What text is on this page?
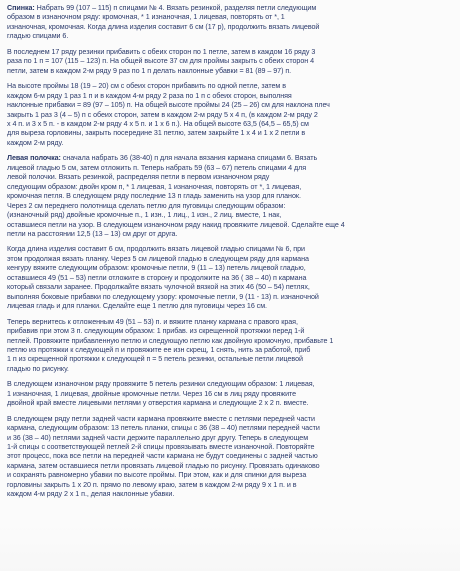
Спинка: Набрать 99 (107 – 115) п спицами № 4. Вязать резинкой, разделяя петли следующим
образом в изнаночном ряду: кромочная, * 1 изнаночная, 1 лицевая, повторять от *, 1
изнаночная, кромочная. Когда длина изделия составит 6 см (17 р), продолжить вязать лицевой
гладью спицами 6.

В последнем 17 ряду резинки прибавить с обеих сторон по 1 петле, затем в каждом 16 ряду 3
раза по 1 п = 107 (115 – 123) п. На общей высоте 37 см для проймы закрыть с обеих сторон 4
петли, затем в каждом 2-м ряду 9 раз по 1 п делать наклонные убавки = 81 (89 – 97) п.

На высоте проймы 18 (19 – 20) см с обеих сторон прибавить по одной петле, затем в
каждом 6-м ряду 1 раз 1 п и в каждом 4-м ряду 2 раза по 1 п с обеих сторон, выполняя
наклонные прибавки = 89 (97 – 105) п. На общей высоте проймы 24 (25 – 26) см для наклона плеч
закрыть 1 раз 3 (4 – 5) п с обеих сторон, затем в каждом 2-м ряду 5 х 4 п, (в каждом 2-м ряду 2
х 4 п. и 3 х 5 п. - в каждом 2-м ряду 4 х 5 п. и 1 х 6 п.). На общей высоте 63,5 (64,5 – 65,5) см
для выреза горловины, закрыть посередине 31 петлю, затем закрыйте 1 х 4 и 1 х 2 петли в
каждом 2-м ряду.

Левая полочка: сначала набрать 36 (38-40) п для начала вязания кармана спицами 6. Вязать
лицевой гладью 5 см, затем отложить п. Теперь набрать 59 (63 – 67) петель спицами 4 для
левой полочки. Вязать резинкой, распределяя петли в первом изнаночном ряду
следующим образом: двойн кром п, * 1 лицевая, 1 изнаночная, повторять от *, 1 лицевая,
кромочная петля. В следующем ряду последние 13 п гладь заменить на узор для планок.
Через 2 см переднего полотнища сделать петлю для пуговицы следующим образом:
(изнаночный ряд) двойные кромочные п., 1 изн., 1 лиц., 1 изн., 2 лиц. вместе, 1 нак,
оставшиеся петли на узор. В следующем изнаночном ряду накид провяжите лицевой. Сделайте еще 4
петли на расстоянии 12,5 (13 – 13) см друг от друга.

Когда длина изделия составит 6 см, продолжить вязать лицевой гладью спицами № 6, при
этом продолжая вязать планку. Через 5 см лицевой гладью в следующем ряду для кармана
кенгуру вяжите следующим образом: кромочные петли, 9 (11 – 13) петель лицевой гладью,
оставшиеся 49 (51 – 53) петли отложите в сторону и продолжите на 36 ( 38 – 40) п кармана
который связали заранее. Продолжайте вязать чулочной вязкой на этих 46 (50 – 54) петлях,
выполняя боковые прибавки по следующему узору: кромочные петли, 9 (11 - 13) п. изнаночной
лицевая гладь и для планки. Сделайте еще 1 петлю для пуговицы через 16 см.

Теперь вернитесь к отложенным 49 (51 – 53) п. и вяжите планку кармана с правого края,
прибавив при этом 3 п. следующим образом: 1 прибав. из скрещенной протяжки перед 1-й
петлей. Провяжите прибавленную петлю и следующую петлю как двойную кромочную, прибавьте 1
петлю из протяжки к следующей п и провяжите ее изн скрещ, 1 снять, нить за работой, приб
1 п из скрещенной протяжки к следующей п = 5 петель резинки, остальные петли лицевой
гладью по рисунку.

В следующем изнаночном ряду провяжите 5 петель резинки следующим образом: 1 лицевая,
1 изнаночная, 1 лицевая, двойные кромочные петли. Через 16 см в лиц ряду провяжите
двойной край вместе лицевыми петлями у отверстия кармана и следующие 2 х 2 п. вместе.

В следующем ряду петли задней части кармана провяжите вместе с петлями передней части
кармана, следующим образом: 13 петель планки, спицы с 36 (38 – 40) петлями передней части
и 36 (38 – 40) петлями задней части держите параллельно друг другу. Теперь в следующем
1-й спицы с соответствующей петлей 2-й спицы провязывать вместе изнаночной. Повторяйте
этот процесс, пока все петли на передней части кармана не будут соединены с задней частью
кармана, затем оставшиеся петли провязать лицевой гладью по рисунку. Провязать одинаково
и сохранять равномерно убавки по высоте проймы. При этом, как и для спинки для выреза
горловины закрыть 1 х 20 п. прямо по левому краю, затем в каждом 2-м ряду 9 х 1 п. и в
каждом 4-м ряду 2 х 1 п., делая наклонные убавки.
